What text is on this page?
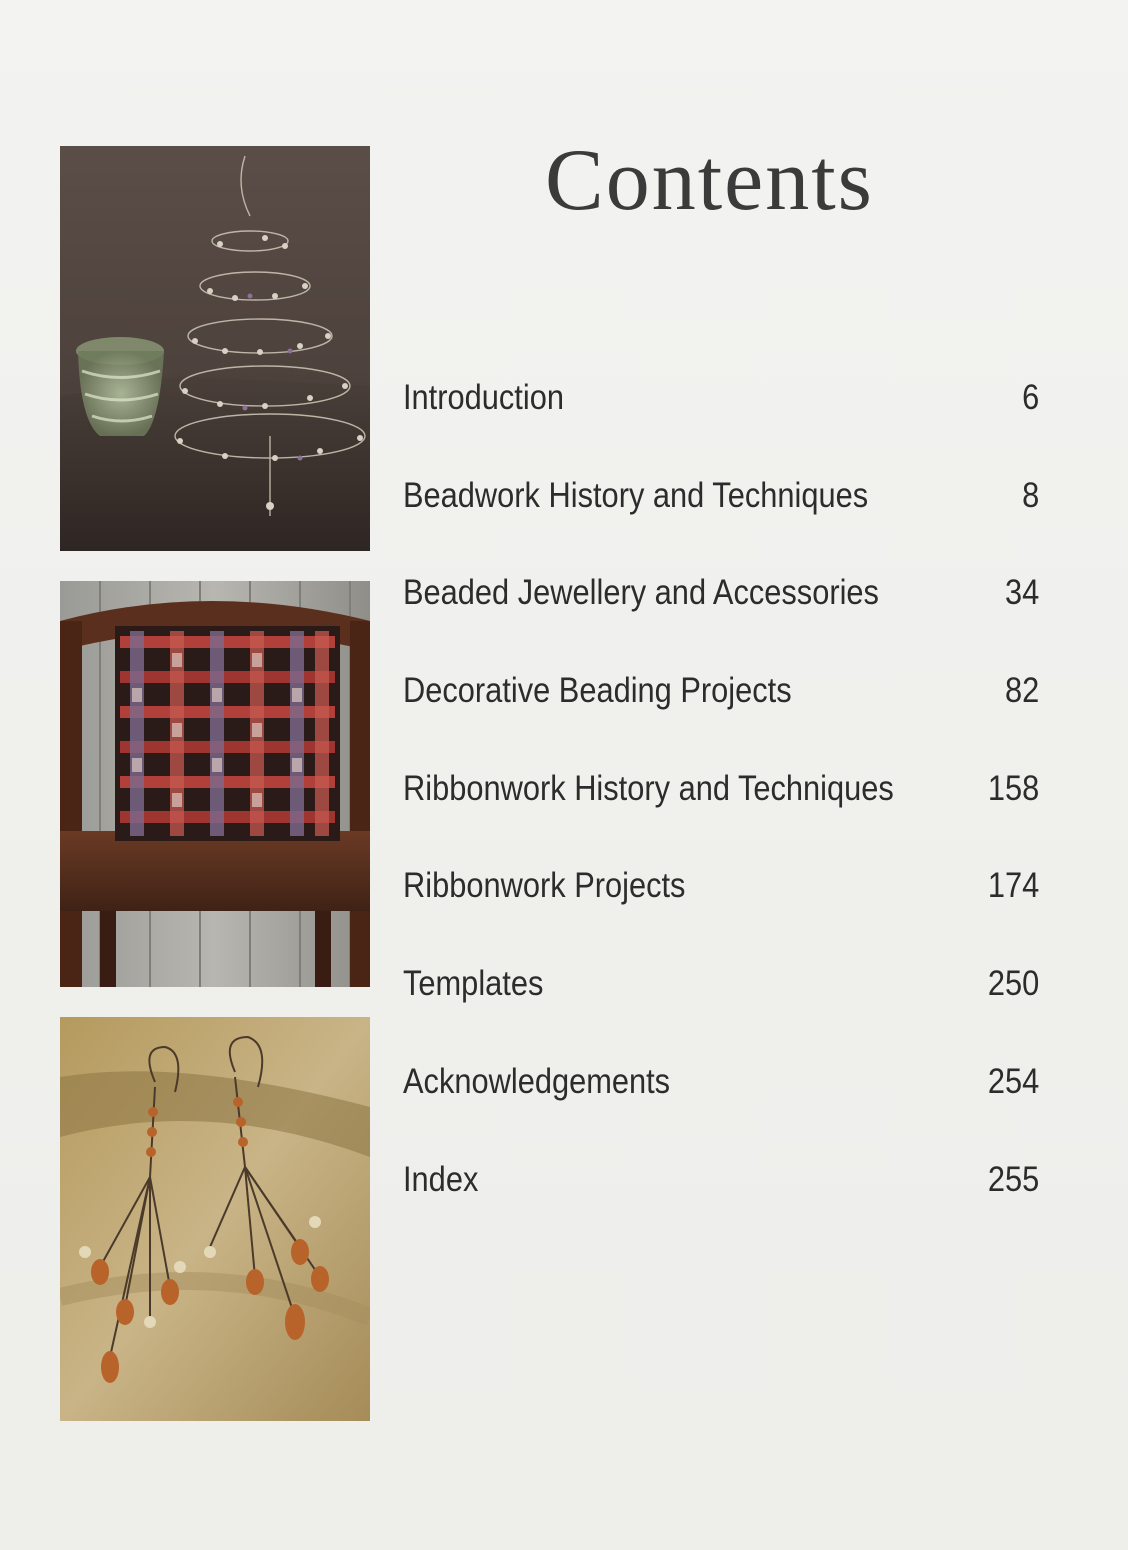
Contents
Introduction	6
Beadwork History and Techniques	8
Beaded Jewellery and Accessories	34
Decorative Beading Projects	82
Ribbonwork History and Techniques	158
Ribbonwork Projects	174
Templates	250
Acknowledgements	254
Index	255
